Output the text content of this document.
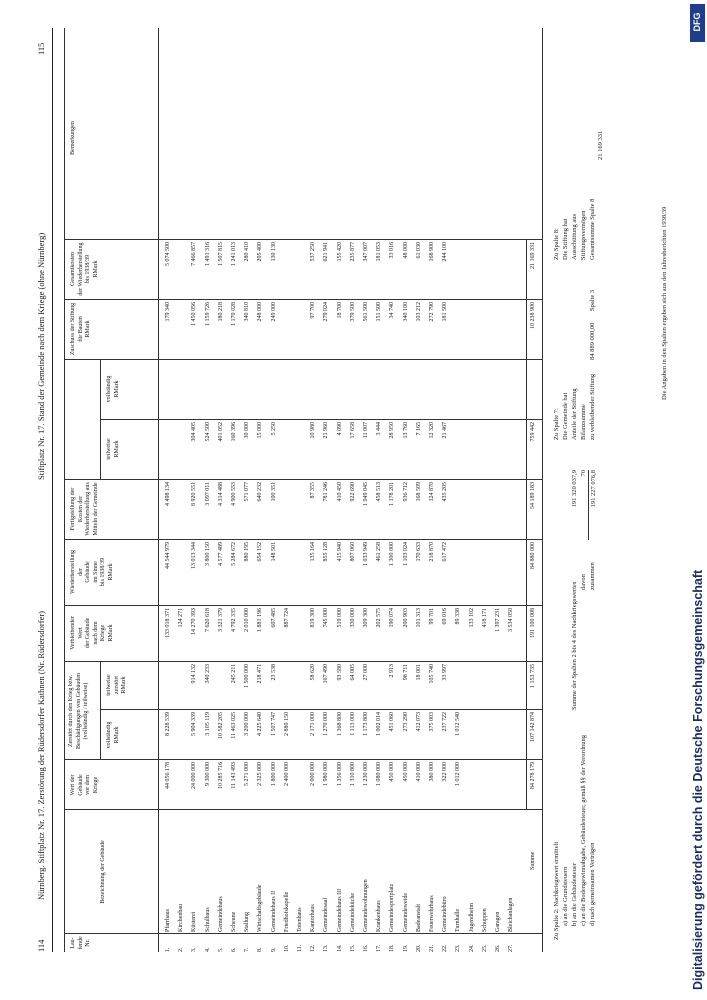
114
Nürnberg. Stiftplatz Nr. 17. Zerstörung der Rüdersdorfer Kathnen (Nr. Rüdersdorfer)
Stiftplatz Nr. 17. Stand der Gemeinde nach dem Kriege (ohne Nürnberg)
115
Lau-
fende
Nr.
Bezeichnung der Gebäude
Wert der
Gebäude
vor dem
Kriege
Zerstört durch den Krieg bzw. Beschädigungen von Gebäuden (vollständig / teilweise)	vollständig
RMark
teilweise
zerstört
RMark
Verbleibender
Wert
der Gebäude
nach dem
Kriege
RMark
Wiederherstellung
der
Gebäude
im Sinne
bis 1938/39
RMark
Fertigstellung der Kosten der Wiederherstellung aus Mitteln der Gemeinde
teilweise
RMark
vollständig
RMark
Zuschuss der Stiftung
für Bauten
RMark
Gesamtkosten
der Wiederherstellung
bis 1938/39
RMark
Bemerkungen
1.
Pfarrhaus
44 056 178
8 228 539
133 018 371
44 544 979
4 498 134
179 340
5 074 500
2.
Kirchenbau
124 271
3.
Küsterei
24 000 000
5 904 339
914 132
14 270 393
13 013 344
8 920 551
304 405
1 450 056
7 466 857
4.
Schulhaus
9 300 000
3 105 119
340 233
7 620 618
3 800 150
3 097 011
524 500
1 159 726
1 491 316
5.
Gemeindehaus
10 285 716
10 582 205
3 321 379
4 577 489
4 314 488
401 052
180 218
1 507 815
6.
Scheune
11 143 493
11 463 025
245 211
4 792 335
5 284 672
4 900 553
160 396
1 170 028
1 241 013
7.
Stallung
5 271 000
3 200 000
1 500 000
2 010 000
880 195
571 077
30 000
340 810
280 410
8.
Wirtschaftsgebäude
2 325 000
4 225 640
218 471
1 881 196
654 152
640 232
15 000
248 000
205 400
9.
Gemeindehaus II
1 800 000
1 507 747
23 538
607 485
148 501
100 351
5 250
249 000
130 130
10.
Friedhofskapelle
2 400 000
2 880 150
887 724
11.
Totenhaus
12.
Kantorhaus
2 000 000
2 171 000
58 620
819 300
135 164
87 355
10 980
97 700
537 250
13.
Gemeindesaal
1 980 000
1 270 000
167 490
745 000
855 128
781 246
21 960
279 024
621 941
14.
Gemeindehaus III
1 356 000
1 368 800
93 580
519 000
415 940
410 450
4 090
18 700
155 420
15.
Gemeindeküche
1 310 800
1 113 000
64 005
330 000
807 060
922 690
17 658
379 500
235 877
16.
Gemeindewohnungen
1 230 000
1 173 800
27 000
309 300
1 033 949
1 049 045
11 007
561 500
347 007
17.
Krankenhaus
1 080 000
1 002 014
202 575
461 258
458 513
3 444
151 500
181 053
18.
Gemeindesportplatz
450 000
451 060
2 913
190 074
1 300 000
1 178 201
28 950
34 740
33 016
19.
Gemeindeweide
450 000
273 290
98 711
200 903
1 103 024
936 712
13 760
340 100
48 000
20.
Badeanstalt
410 000
412 073
18 001
101 313
170 633
168 509
7 165
103 212
61 030
21.
Feuerwehrhaus
380 000
375 003
105 740
99 701
218 870
124 870
12 320
272 790
168 900
22.
Gemeindebüro
322 000
237 722
33 997
69 016
617 472
435 205
21 467
181 500
244 100
23.
Turnhalle
1 012 000
1 012 540
89 338
24.
Jugendheim
133 102
25.
Schuppen
418 171
26.
Garagen
1 397 231
27.
Bleichanlagen
3 534 050
Summe
84 278 179
107 142 874
1 153 735
191 100 008
84 880 000
54 189 183
759 442
10 238 900
21 169 331
Zu Spalte 2: Nachkriegswert ermittelt a) an die Grundsteuern b) an die Gebäudesteuer c) an die Bodengewinnabgabe, Gebäudesteuer, gemäß §§ der Verordnung d) nach gemeinsamen Verträgen
Summe der Spalten 2 bis 4 des Nachkriegswertes davon zusammen
191 320 037,9 70 191 227 076,8
Zu Spalte 7: Die Gemeinde hat Anteile der Stiftung Bilanzsumme zu verbleibender Stiftung
84 889 000,00 Spalte 3
Zu Spalte 8: Die Stiftung hat Ausschüttung aus Stiftungsvermögen Gesamtsumme Spalte 8
21 169 331
Die Angaben in den Spalten ergeben sich aus den Jahresberichten 1938/39
Digitalisierung gefördert durch die Deutsche Forschungsgemeinschaft
DFG
